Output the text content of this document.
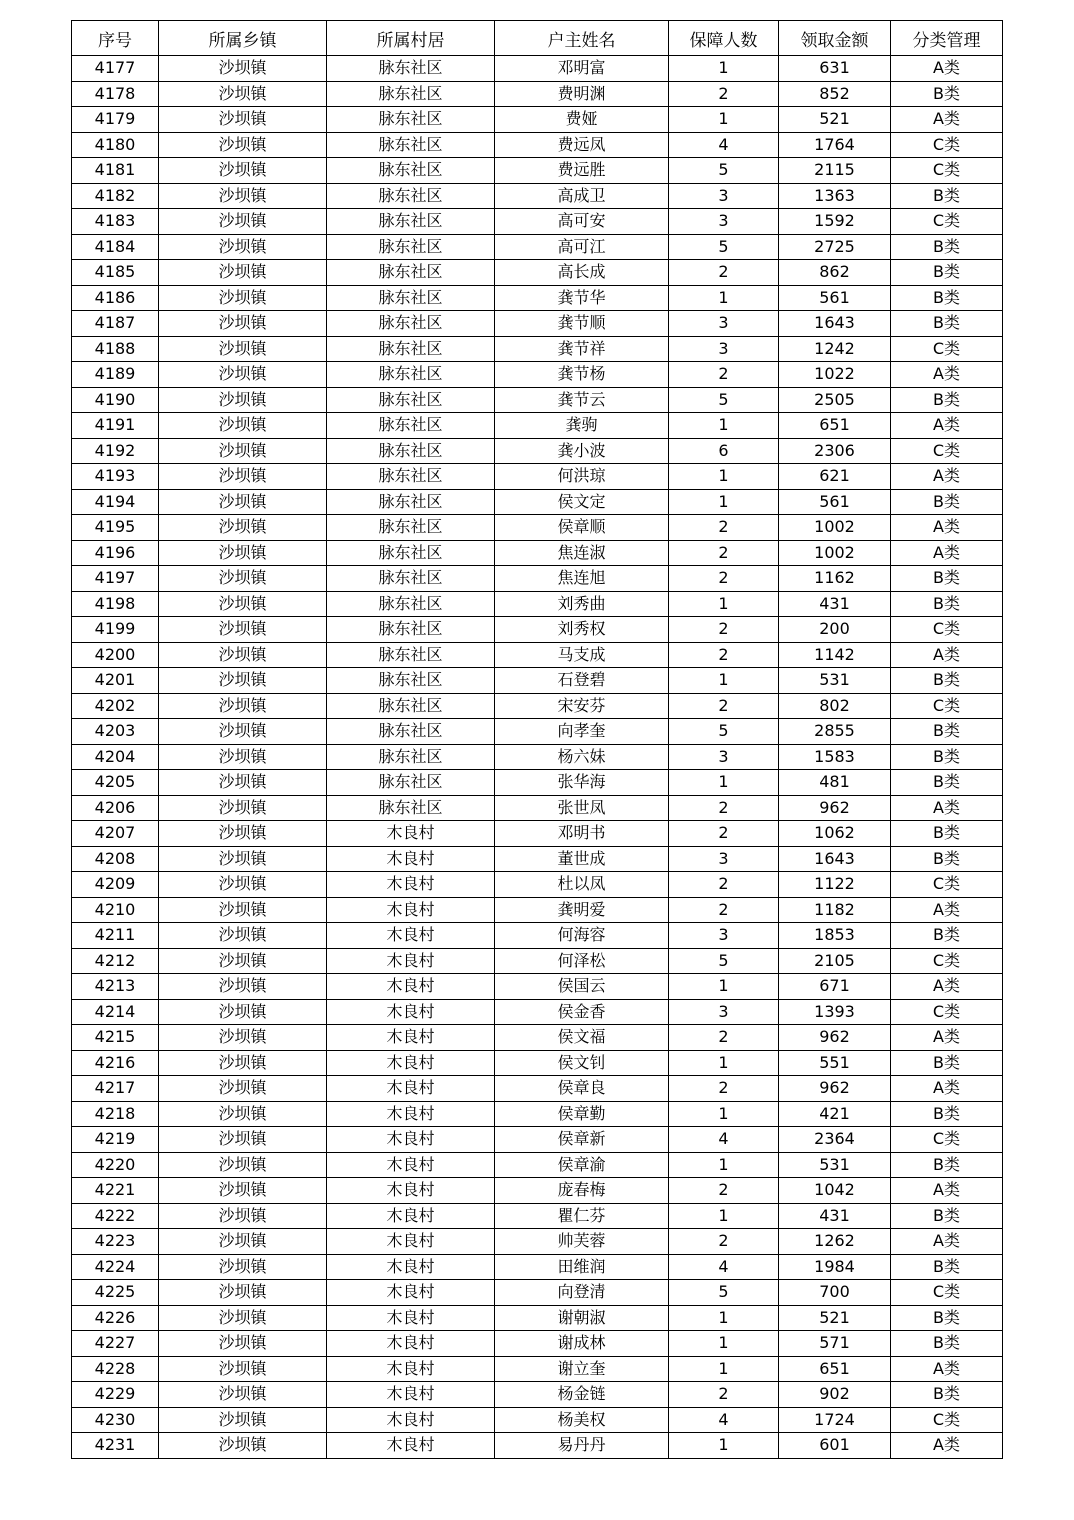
序号	所属乡镇	所属村居	户主姓名	保障人数	领取金额	分类管理
4177	沙坝镇	脉东社区	邓明富	1	631	A类
4178	沙坝镇	脉东社区	费明渊	2	852	B类
4179	沙坝镇	脉东社区	费娅	1	521	A类
4180	沙坝镇	脉东社区	费远凤	4	1764	C类
4181	沙坝镇	脉东社区	费远胜	5	2115	C类
4182	沙坝镇	脉东社区	高成卫	3	1363	B类
4183	沙坝镇	脉东社区	高可安	3	1592	C类
4184	沙坝镇	脉东社区	高可江	5	2725	B类
4185	沙坝镇	脉东社区	高长成	2	862	B类
4186	沙坝镇	脉东社区	龚节华	1	561	B类
4187	沙坝镇	脉东社区	龚节顺	3	1643	B类
4188	沙坝镇	脉东社区	龚节祥	3	1242	C类
4189	沙坝镇	脉东社区	龚节杨	2	1022	A类
4190	沙坝镇	脉东社区	龚节云	5	2505	B类
4191	沙坝镇	脉东社区	龚驹	1	651	A类
4192	沙坝镇	脉东社区	龚小波	6	2306	C类
4193	沙坝镇	脉东社区	何洪琼	1	621	A类
4194	沙坝镇	脉东社区	侯文定	1	561	B类
4195	沙坝镇	脉东社区	侯章顺	2	1002	A类
4196	沙坝镇	脉东社区	焦连淑	2	1002	A类
4197	沙坝镇	脉东社区	焦连旭	2	1162	B类
4198	沙坝镇	脉东社区	刘秀曲	1	431	B类
4199	沙坝镇	脉东社区	刘秀权	2	200	C类
4200	沙坝镇	脉东社区	马支成	2	1142	A类
4201	沙坝镇	脉东社区	石登碧	1	531	B类
4202	沙坝镇	脉东社区	宋安芬	2	802	C类
4203	沙坝镇	脉东社区	向孝奎	5	2855	B类
4204	沙坝镇	脉东社区	杨六妹	3	1583	B类
4205	沙坝镇	脉东社区	张华海	1	481	B类
4206	沙坝镇	脉东社区	张世凤	2	962	A类
4207	沙坝镇	木良村	邓明书	2	1062	B类
4208	沙坝镇	木良村	董世成	3	1643	B类
4209	沙坝镇	木良村	杜以凤	2	1122	C类
4210	沙坝镇	木良村	龚明爱	2	1182	A类
4211	沙坝镇	木良村	何海容	3	1853	B类
4212	沙坝镇	木良村	何泽松	5	2105	C类
4213	沙坝镇	木良村	侯国云	1	671	A类
4214	沙坝镇	木良村	侯金香	3	1393	C类
4215	沙坝镇	木良村	侯文福	2	962	A类
4216	沙坝镇	木良村	侯文钊	1	551	B类
4217	沙坝镇	木良村	侯章良	2	962	A类
4218	沙坝镇	木良村	侯章勤	1	421	B类
4219	沙坝镇	木良村	侯章新	4	2364	C类
4220	沙坝镇	木良村	侯章渝	1	531	B类
4221	沙坝镇	木良村	庞春梅	2	1042	A类
4222	沙坝镇	木良村	瞿仁芬	1	431	B类
4223	沙坝镇	木良村	帅芙蓉	2	1262	A类
4224	沙坝镇	木良村	田维润	4	1984	B类
4225	沙坝镇	木良村	向登清	5	700	C类
4226	沙坝镇	木良村	谢朝淑	1	521	B类
4227	沙坝镇	木良村	谢成林	1	571	B类
4228	沙坝镇	木良村	谢立奎	1	651	A类
4229	沙坝镇	木良村	杨金链	2	902	B类
4230	沙坝镇	木良村	杨美权	4	1724	C类
4231	沙坝镇	木良村	易丹丹	1	601	A类
